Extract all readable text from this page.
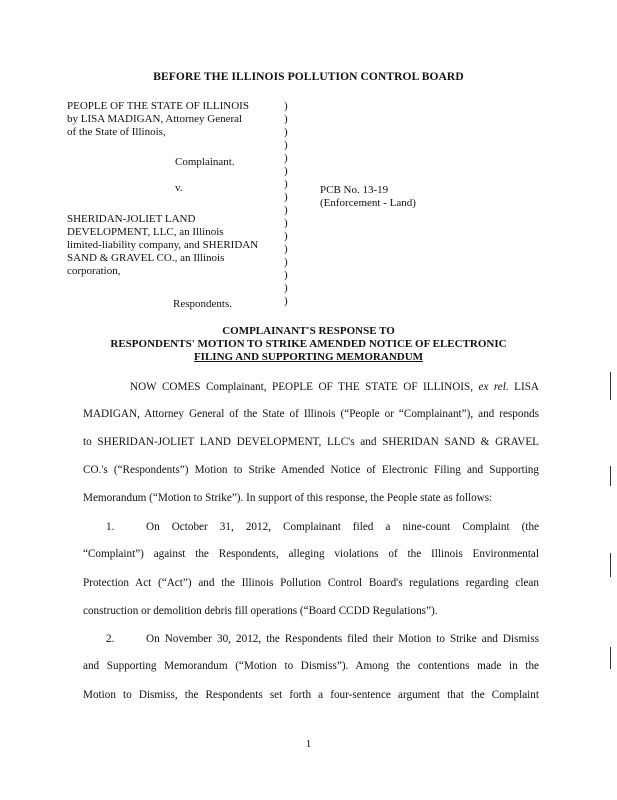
BEFORE THE ILLINOIS POLLUTION CONTROL BOARD
PEOPLE OF THE STATE OF ILLINOIS
by LISA MADIGAN, Attorney General
of the State of Illinois,
Complainant.
v.
SHERIDAN-JOLIET LAND
DEVELOPMENT, LLC, an Illinois
limited-liability company, and SHERIDAN
SAND & GRAVEL CO., an Illinois
corporation,
Respondents.
)
)
)
)
)
)
)
)
)
)
)
)
)
)
)
)
PCB No. 13-19
(Enforcement - Land)
COMPLAINANT'S RESPONSE TO
RESPONDENTS' MOTION TO STRIKE AMENDED NOTICE OF ELECTRONIC
FILING AND SUPPORTING MEMORANDUM
NOW COMES Complainant, PEOPLE OF THE STATE OF ILLINOIS, ex rel. LISA
MADIGAN, Attorney General of the State of Illinois (“People or “Complainant”), and responds
to SHERIDAN-JOLIET LAND DEVELOPMENT, LLC's and SHERIDAN SAND & GRAVEL
CO.'s (“Respondents”) Motion to Strike Amended Notice of Electronic Filing and Supporting
Memorandum (“Motion to Strike”). In support of this response, the People state as follows:
1.	On October 31, 2012, Complainant filed a nine-count Complaint (the
“Complaint”) against the Respondents, alleging violations of the Illinois Environmental
Protection Act (“Act”) and the Illinois Pollution Control Board's regulations regarding clean
construction or demolition debris fill operations (“Board CCDD Regulations”).
2.	On November 30, 2012, the Respondents filed their Motion to Strike and Dismiss
and Supporting Memorandum (“Motion to Dismiss”). Among the contentions made in the
Motion to Dismiss, the Respondents set forth a four-sentence argument that the Complaint
1
